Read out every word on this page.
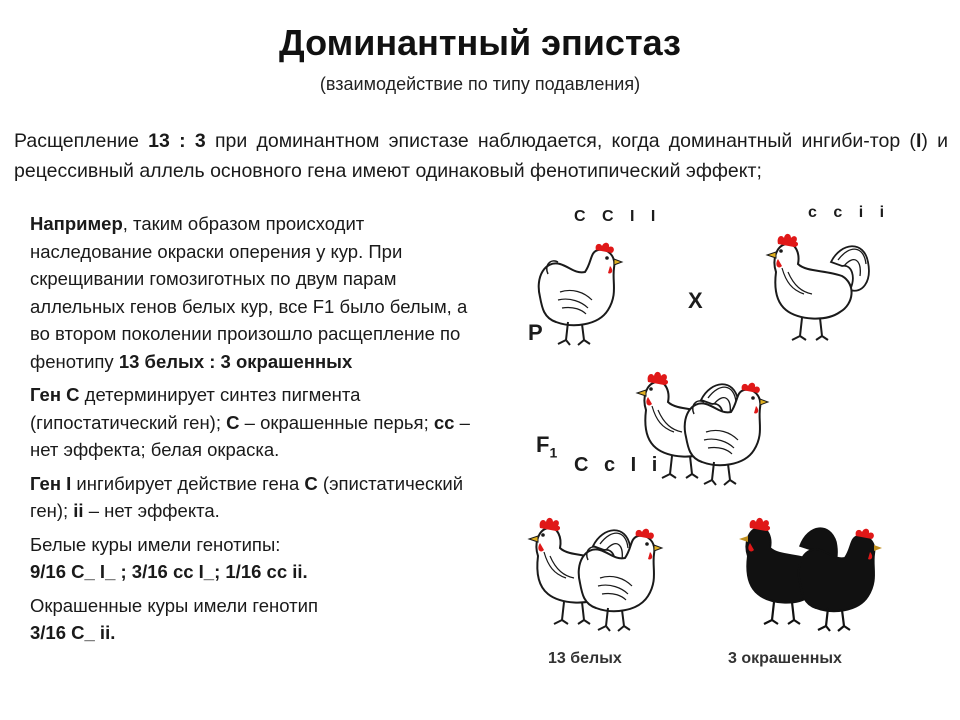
Доминантный эпистаз
(взаимодействие по типу подавления)
Расщепление 13 : 3 при доминантном эпистазе наблюдается, когда доминантный ингиби-тор (I) и рецессивный аллель основного гена имеют одинаковый фенотипический эффект;

Например, таким образом происходит наследование окраски оперения у кур. При скрещивании гомозиготных по двум парам аллельных генов белых кур, все F1 было белым, а во втором поколении произошло расщепление по фенотипу 13 белых : 3 окрашенных

Ген С детерминирует синтез пигмента (гипостатический ген); С – окрашенные перья; сс – нет эффекта; белая окраска.

Ген I ингибирует действие гена С (эпистатический ген); ii – нет эффекта.

Белые куры имели генотипы:
9/16 С_ I_ ; 3/16 сс I_; 1/16 сс ii.

Окрашенные куры имели генотип
3/16 С_ ii.

C C I I	c c i i
P
X
$F_1$
C c I i
13 белых	3 окрашенных
